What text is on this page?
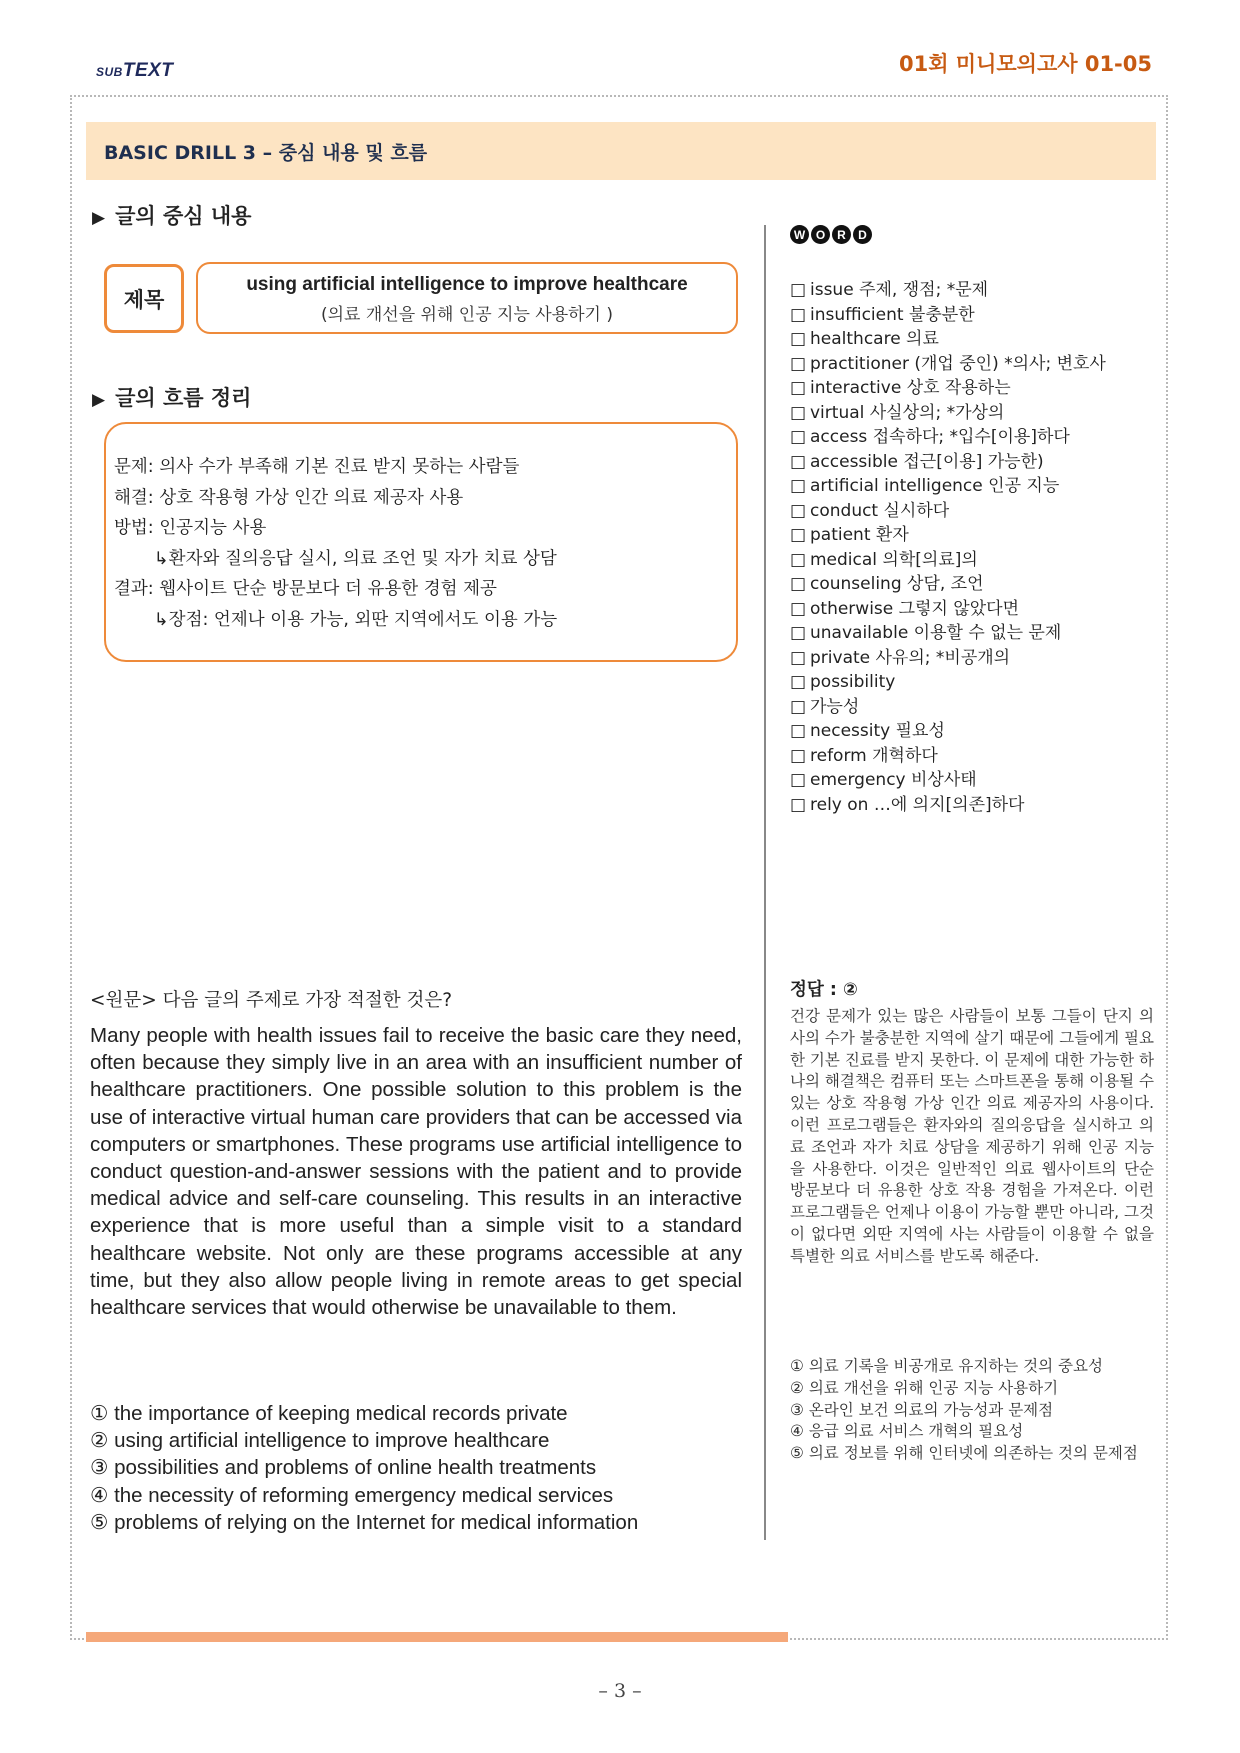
SUBTEXT	01회 미니모의고사 01-05
BASIC DRILL 3 – 중심 내용 및 흐름
▶ 글의 중심 내용
제목
using artificial intelligence to improve healthcare
(의료 개선을 위해 인공 지능 사용하기 )
▶ 글의 흐름 정리
문제: 의사 수가 부족해 기본 진료 받지 못하는 사람들
해결: 상호 작용형 가상 인간 의료 제공자 사용
방법: 인공지능 사용
↳환자와 질의응답 실시, 의료 조언 및 자가 치료 상담
결과: 웹사이트 단순 방문보다 더 유용한 경험 제공
↳장점: 언제나 이용 가능, 외딴 지역에서도 이용 가능
W O R	D
□ issue 주제, 쟁점; *문제
□ insufficient 불충분한
□ healthcare 의료
□ practitioner (개업 중인) *의사; 변호사
□ interactive 상호 작용하는
□ virtual 사실상의; *가상의
□ access 접속하다; *입수[이용]하다
□ accessible 접근[이용] 가능한)
□ artificial intelligence 인공 지능
□ conduct 실시하다
□ patient 환자
□ medical 의학[의료]의
□ counseling 상담, 조언
□ otherwise 그렇지 않았다면
□ unavailable 이용할 수 없는 문제
□ private 사유의; *비공개의
□ possibility
□ 가능성
□ necessity 필요성
□ reform 개혁하다
□ emergency 비상사태
□ rely on …에 의지[의존]하다
<원문> 다음 글의 주제로 가장 적절한 것은?
Many people with health issues fail to receive the basic care they need, often because they simply live in an area with an insufficient number of healthcare practitioners. One possible solution to this problem is the use of interactive virtual human care providers that can be accessed via computers or smartphones. These programs use artificial intelligence to conduct question-and-answer sessions with the patient and to provide medical advice and self-care counseling. This results in an interactive experience that is more useful than a simple visit to a standard healthcare website. Not only are these programs accessible at any time, but they also allow people living in remote areas to get special healthcare services that would otherwise be unavailable to them.
① the importance of keeping medical records private
② using artificial intelligence to improve healthcare
③ possibilities and problems of online health treatments
④ the necessity of reforming emergency medical services
⑤ problems of relying on the Internet for medical information
정답 : ②
건강 문제가 있는 많은 사람들이 보통 그들이 단지 의사의 수가 불충분한 지역에 살기 때문에 그들에게 필요한 기본 진료를 받지 못한다. 이 문제에 대한 가능한 하나의 해결책은 컴퓨터 또는 스마트폰을 통해 이용될 수 있는 상호 작용형 가상 인간 의료 제공자의 사용이다. 이런 프로그램들은 환자와의 질의응답을 실시하고 의료 조언과 자가 치료 상담을 제공하기 위해 인공 지능을 사용한다. 이것은 일반적인 의료 웹사이트의 단순 방문보다 더 유용한 상호 작용 경험을 가져온다. 이런 프로그램들은 언제나 이용이 가능할 뿐만 아니라, 그것이 없다면 외딴 지역에 사는 사람들이 이용할 수 없을 특별한 의료 서비스를 받도록 해준다.
① 의료 기록을 비공개로 유지하는 것의 중요성
② 의료 개선을 위해 인공 지능 사용하기
③ 온라인 보건 의료의 가능성과 문제점
④ 응급 의료 서비스 개혁의 필요성
⑤ 의료 정보를 위해 인터넷에 의존하는 것의 문제점
– 3 –
